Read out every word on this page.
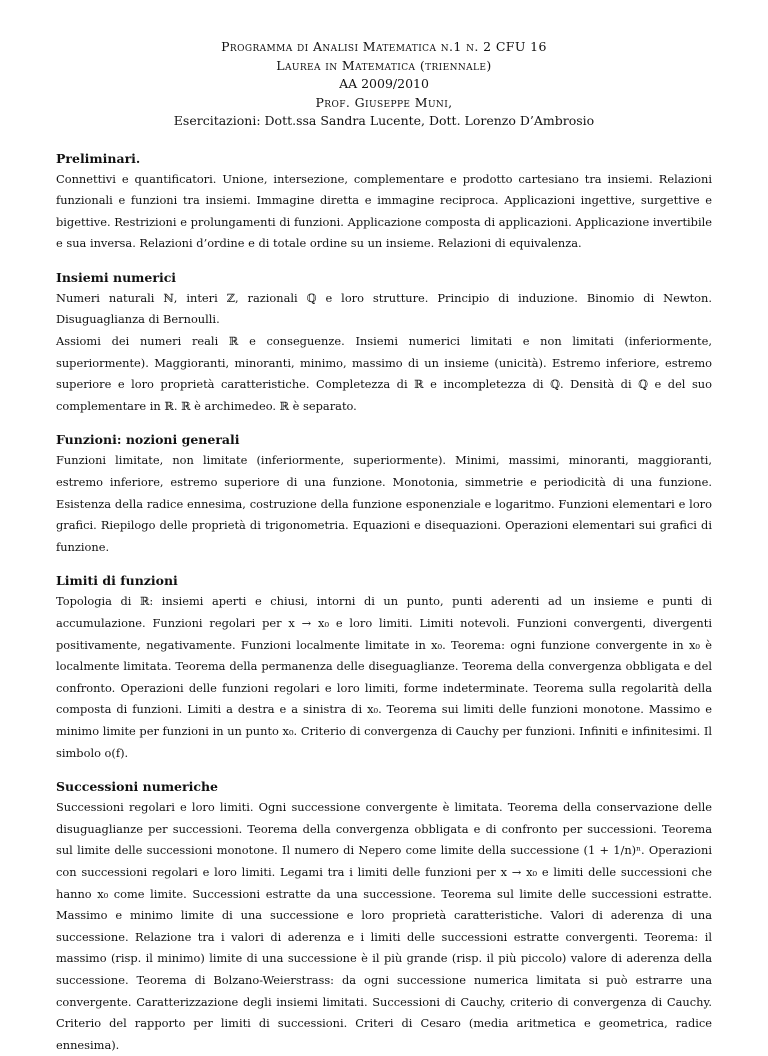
Programma di Analisi Matematica n.1 n. 2 CFU 16
Laurea in Matematica (triennale)
AA 2009/2010
Prof. Giuseppe Muni,
Esercitazioni: Dott.ssa Sandra Lucente, Dott. Lorenzo D’Ambrosio
Preliminari.

Connettivi e quantificatori. Unione, intersezione, complementare e prodotto cartesiano tra insiemi. Relazioni funzionali e funzioni tra insiemi. Immagine diretta e immagine reciproca. Applicazioni ingettive, surgettive e bigettive. Restrizioni e prolungamenti di funzioni. Applicazione composta di applicazioni. Applicazione invertibile e sua inversa. Relazioni d’ordine e di totale ordine su un insieme. Relazioni di equivalenza.

Insiemi numerici

Numeri naturali ℕ, interi ℤ, razionali ℚ e loro strutture. Principio di induzione. Binomio di Newton. Disuguaglianza di Bernoulli.

Assiomi dei numeri reali ℝ e conseguenze. Insiemi numerici limitati e non limitati (inferiormente, superiormente). Maggioranti, minoranti, minimo, massimo di un insieme (unicità). Estremo inferiore, estremo superiore e loro proprietà caratteristiche. Completezza di ℝ e incompletezza di ℚ. Densità di ℚ e del suo complementare in ℝ. ℝ è archimedeo. ℝ è separato.

Funzioni: nozioni generali

Funzioni limitate, non limitate (inferiormente, superiormente). Minimi, massimi, minoranti, maggioranti, estremo inferiore, estremo superiore di una funzione. Monotonia, simmetrie e periodicità di una funzione. Esistenza della radice ennesima, costruzione della funzione esponenziale e logaritmo. Funzioni elementari e loro grafici. Riepilogo delle proprietà di trigonometria. Equazioni e disequazioni. Operazioni elementari sui grafici di funzione.

Limiti di funzioni

Topologia di ℝ: insiemi aperti e chiusi, intorni di un punto, punti aderenti ad un insieme e punti di accumulazione. Funzioni regolari per x → x₀ e loro limiti. Limiti notevoli. Funzioni convergenti, divergenti positivamente, negativamente. Funzioni localmente limitate in x₀. Teorema: ogni funzione convergente in x₀ è localmente limitata. Teorema della permanenza delle diseguaglianze. Teorema della convergenza obbligata e del confronto. Operazioni delle funzioni regolari e loro limiti, forme indeterminate. Teorema sulla regolarità della composta di funzioni. Limiti a destra e a sinistra di x₀. Teorema sui limiti delle funzioni monotone. Massimo e minimo limite per funzioni in un punto x₀. Criterio di convergenza di Cauchy per funzioni. Infiniti e infinitesimi. Il simbolo o(f).

Successioni numeriche

Successioni regolari e loro limiti. Ogni successione convergente è limitata. Teorema della conservazione delle disuguaglianze per successioni. Teorema della convergenza obbligata e di confronto per successioni. Teorema sul limite delle successioni monotone. Il numero di Nepero come limite della successione (1 + 1/n)ⁿ. Operazioni con successioni regolari e loro limiti. Legami tra i limiti delle funzioni per x → x₀ e limiti delle successioni che hanno x₀ come limite. Successioni estratte da una successione. Teorema sul limite delle successioni estratte. Massimo e minimo limite di una successione e loro proprietà caratteristiche. Valori di aderenza di una successione. Relazione tra i valori di aderenza e i limiti delle successioni estratte convergenti. Teorema: il massimo (risp. il minimo) limite di una successione è il più grande (risp. il più piccolo) valore di aderenza della successione. Teorema di Bolzano-Weierstrass: da ogni successione numerica limitata si può estrarre una convergente. Caratterizzazione degli insiemi limitati. Successioni di Cauchy, criterio di convergenza di Cauchy. Criterio del rapporto per limiti di successioni. Criteri di Cesaro (media aritmetica e geometrica, radice ennesima).
